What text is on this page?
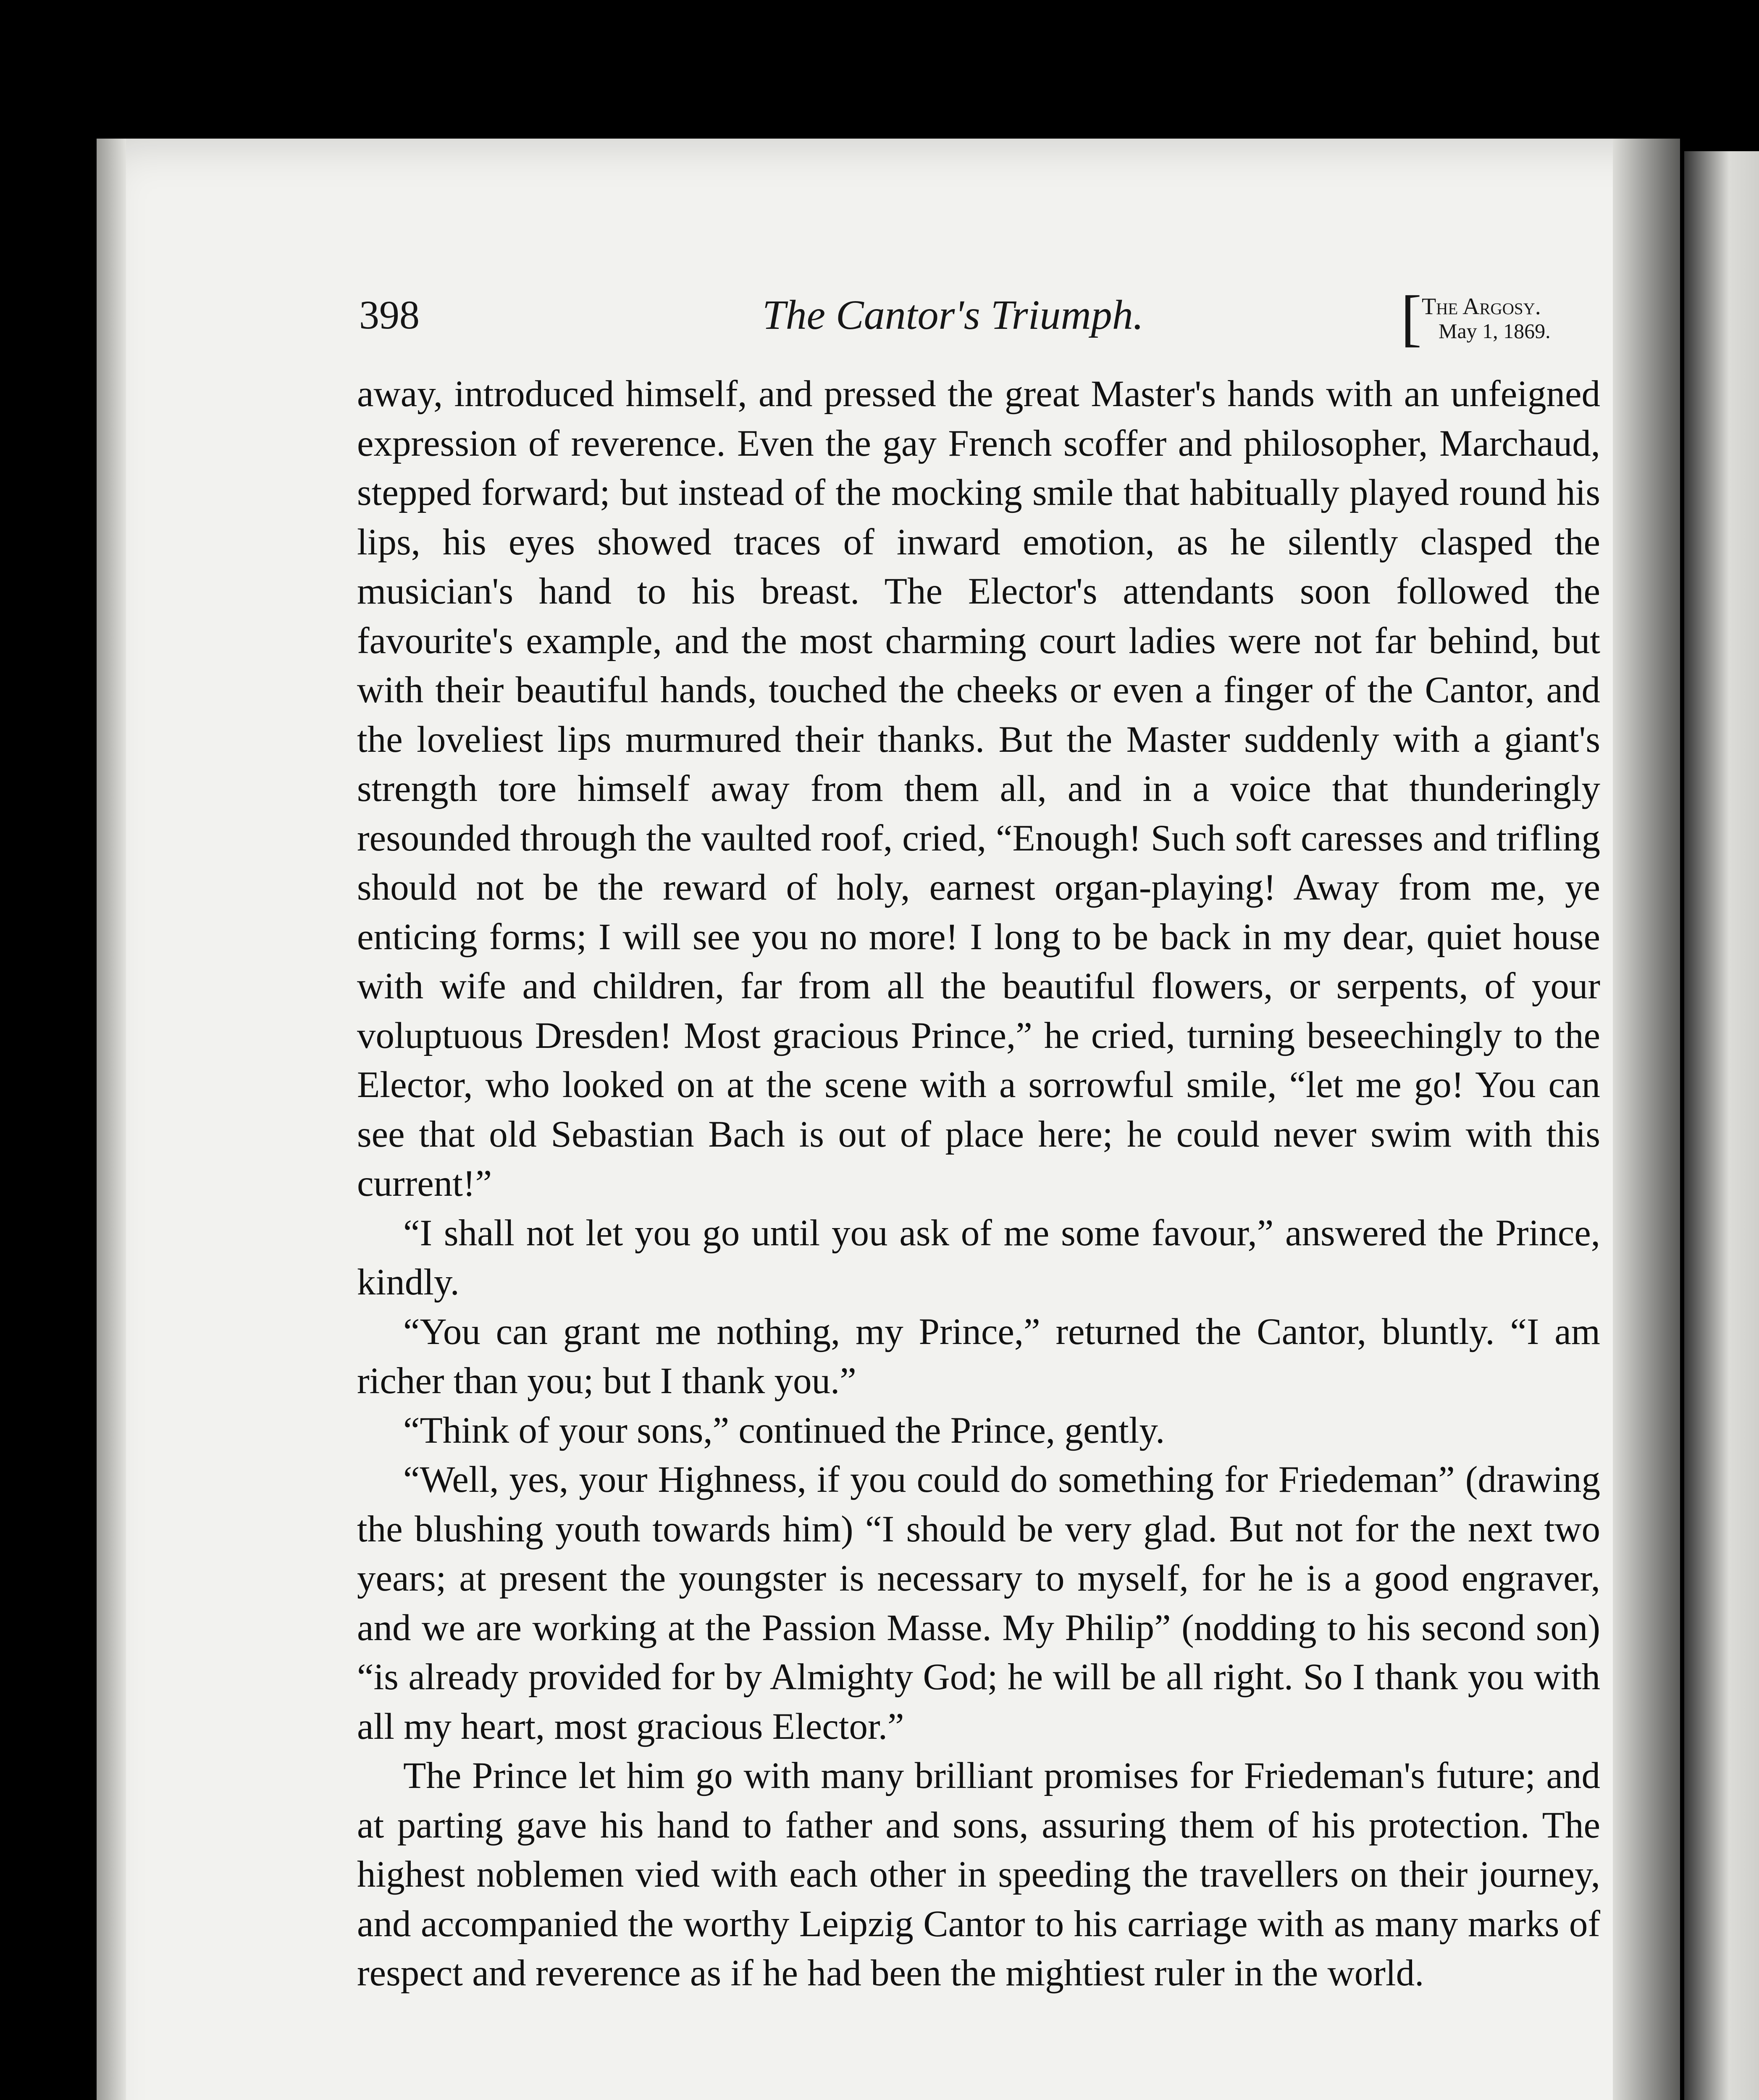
398	The Cantor's Triumph.	[ The Argosy.
May 1, 1869.

away, introduced himself, and pressed the great Master's hands with an unfeigned expression of reverence. Even the gay French scoffer and philosopher, Marchaud, stepped forward; but instead of the mocking smile that habitually played round his lips, his eyes showed traces of inward emotion, as he silently clasped the musician's hand to his breast. The Elector's attendants soon followed the favourite's example, and the most charming court ladies were not far behind, but with their beautiful hands, touched the cheeks or even a finger of the Cantor, and the loveliest lips murmured their thanks. But the Master suddenly with a giant's strength tore himself away from them all, and in a voice that thunderingly resounded through the vaulted roof, cried, “Enough! Such soft caresses and trifling should not be the reward of holy, earnest organ-playing! Away from me, ye enticing forms; I will see you no more! I long to be back in my dear, quiet house with wife and children, far from all the beautiful flowers, or serpents, of your voluptuous Dresden! Most gracious Prince,” he cried, turning beseechingly to the Elector, who looked on at the scene with a sorrowful smile, “let me go! You can see that old Sebastian Bach is out of place here; he could never swim with this current!”

“I shall not let you go until you ask of me some favour,” answered the Prince, kindly.

“You can grant me nothing, my Prince,” returned the Cantor, bluntly. “I am richer than you; but I thank you.”

“Think of your sons,” continued the Prince, gently.

“Well, yes, your Highness, if you could do something for Friedeman” (drawing the blushing youth towards him) “I should be very glad. But not for the next two years; at present the youngster is necessary to myself, for he is a good engraver, and we are working at the Passion Masse. My Philip” (nodding to his second son) “is already provided for by Almighty God; he will be all right. So I thank you with all my heart, most gracious Elector.”

The Prince let him go with many brilliant promises for Friedeman's future; and at parting gave his hand to father and sons, assuring them of his protection. The highest noblemen vied with each other in speeding the travellers on their journey, and accompanied the worthy Leipzig Cantor to his carriage with as many marks of respect and reverence as if he had been the mightiest ruler in the world.
